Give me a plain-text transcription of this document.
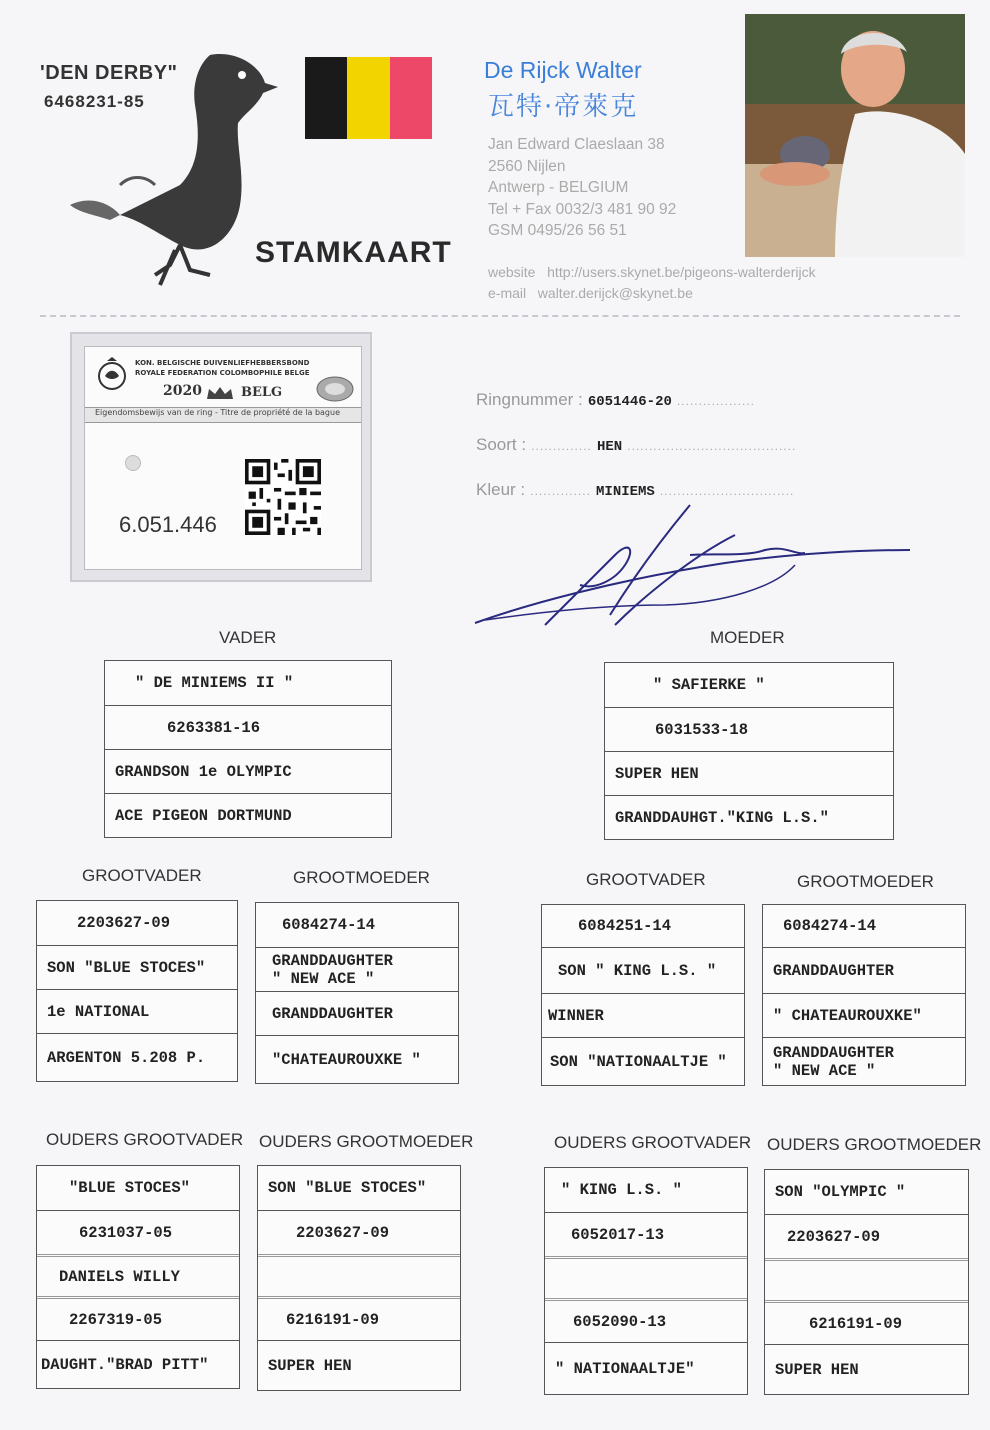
'DEN DERBY"
6468231-85
STAMKAART
De Rijck Walter
瓦特·帝萊克
Jan Edward Claeslaan 38
2560 Nijlen
Antwerp - BELGIUM
Tel + Fax 0032/3 481 90 92
GSM 0495/26 56 51
website http://users.skynet.be/pigeons-walterderijck
e-mail walter.derijck@skynet.be
KON. BELGISCHE DUIVENLIEFHEBBERSBOND
ROYALE FEDERATION COLOMBOPHILE BELGE
2020	BELG
Eigendomsbewijs van de ring - Titre de propriété de la bague
6.051.446
Ringnummer : 6051446-20 ..................
Soort : .............. HEN .......................................
Kleur : .............. MINIEMS ...............................
VADER
" DE MINIEMS II "
6263381-16
GRANDSON 1e OLYMPIC
ACE PIGEON DORTMUND
MOEDER
" SAFIERKE "
6031533-18
SUPER HEN
GRANDDAUHGT."KING L.S."
GROOTVADER
2203627-09
SON "BLUE STOCES"
1e NATIONAL
ARGENTON 5.208 P.
GROOTMOEDER
6084274-14
GRANDDAUGHTER
" NEW ACE "
GRANDDAUGHTER
"CHATEAUROUXKE "
GROOTVADER
6084251-14
SON " KING L.S. "
WINNER
SON "NATIONAALTJE "
GROOTMOEDER
6084274-14
GRANDDAUGHTER
" CHATEAUROUXKE"
GRANDDAUGHTER
" NEW ACE "
OUDERS GROOTVADER
"BLUE STOCES"
6231037-05
DANIELS WILLY
2267319-05
DAUGHT."BRAD PITT"
OUDERS GROOTMOEDER
SON "BLUE STOCES"
2203627-09
6216191-09
SUPER HEN
OUDERS GROOTVADER
" KING L.S. "
6052017-13
6052090-13
" NATIONAALTJE"
OUDERS GROOTMOEDER
SON "OLYMPIC "
2203627-09
6216191-09
SUPER HEN
